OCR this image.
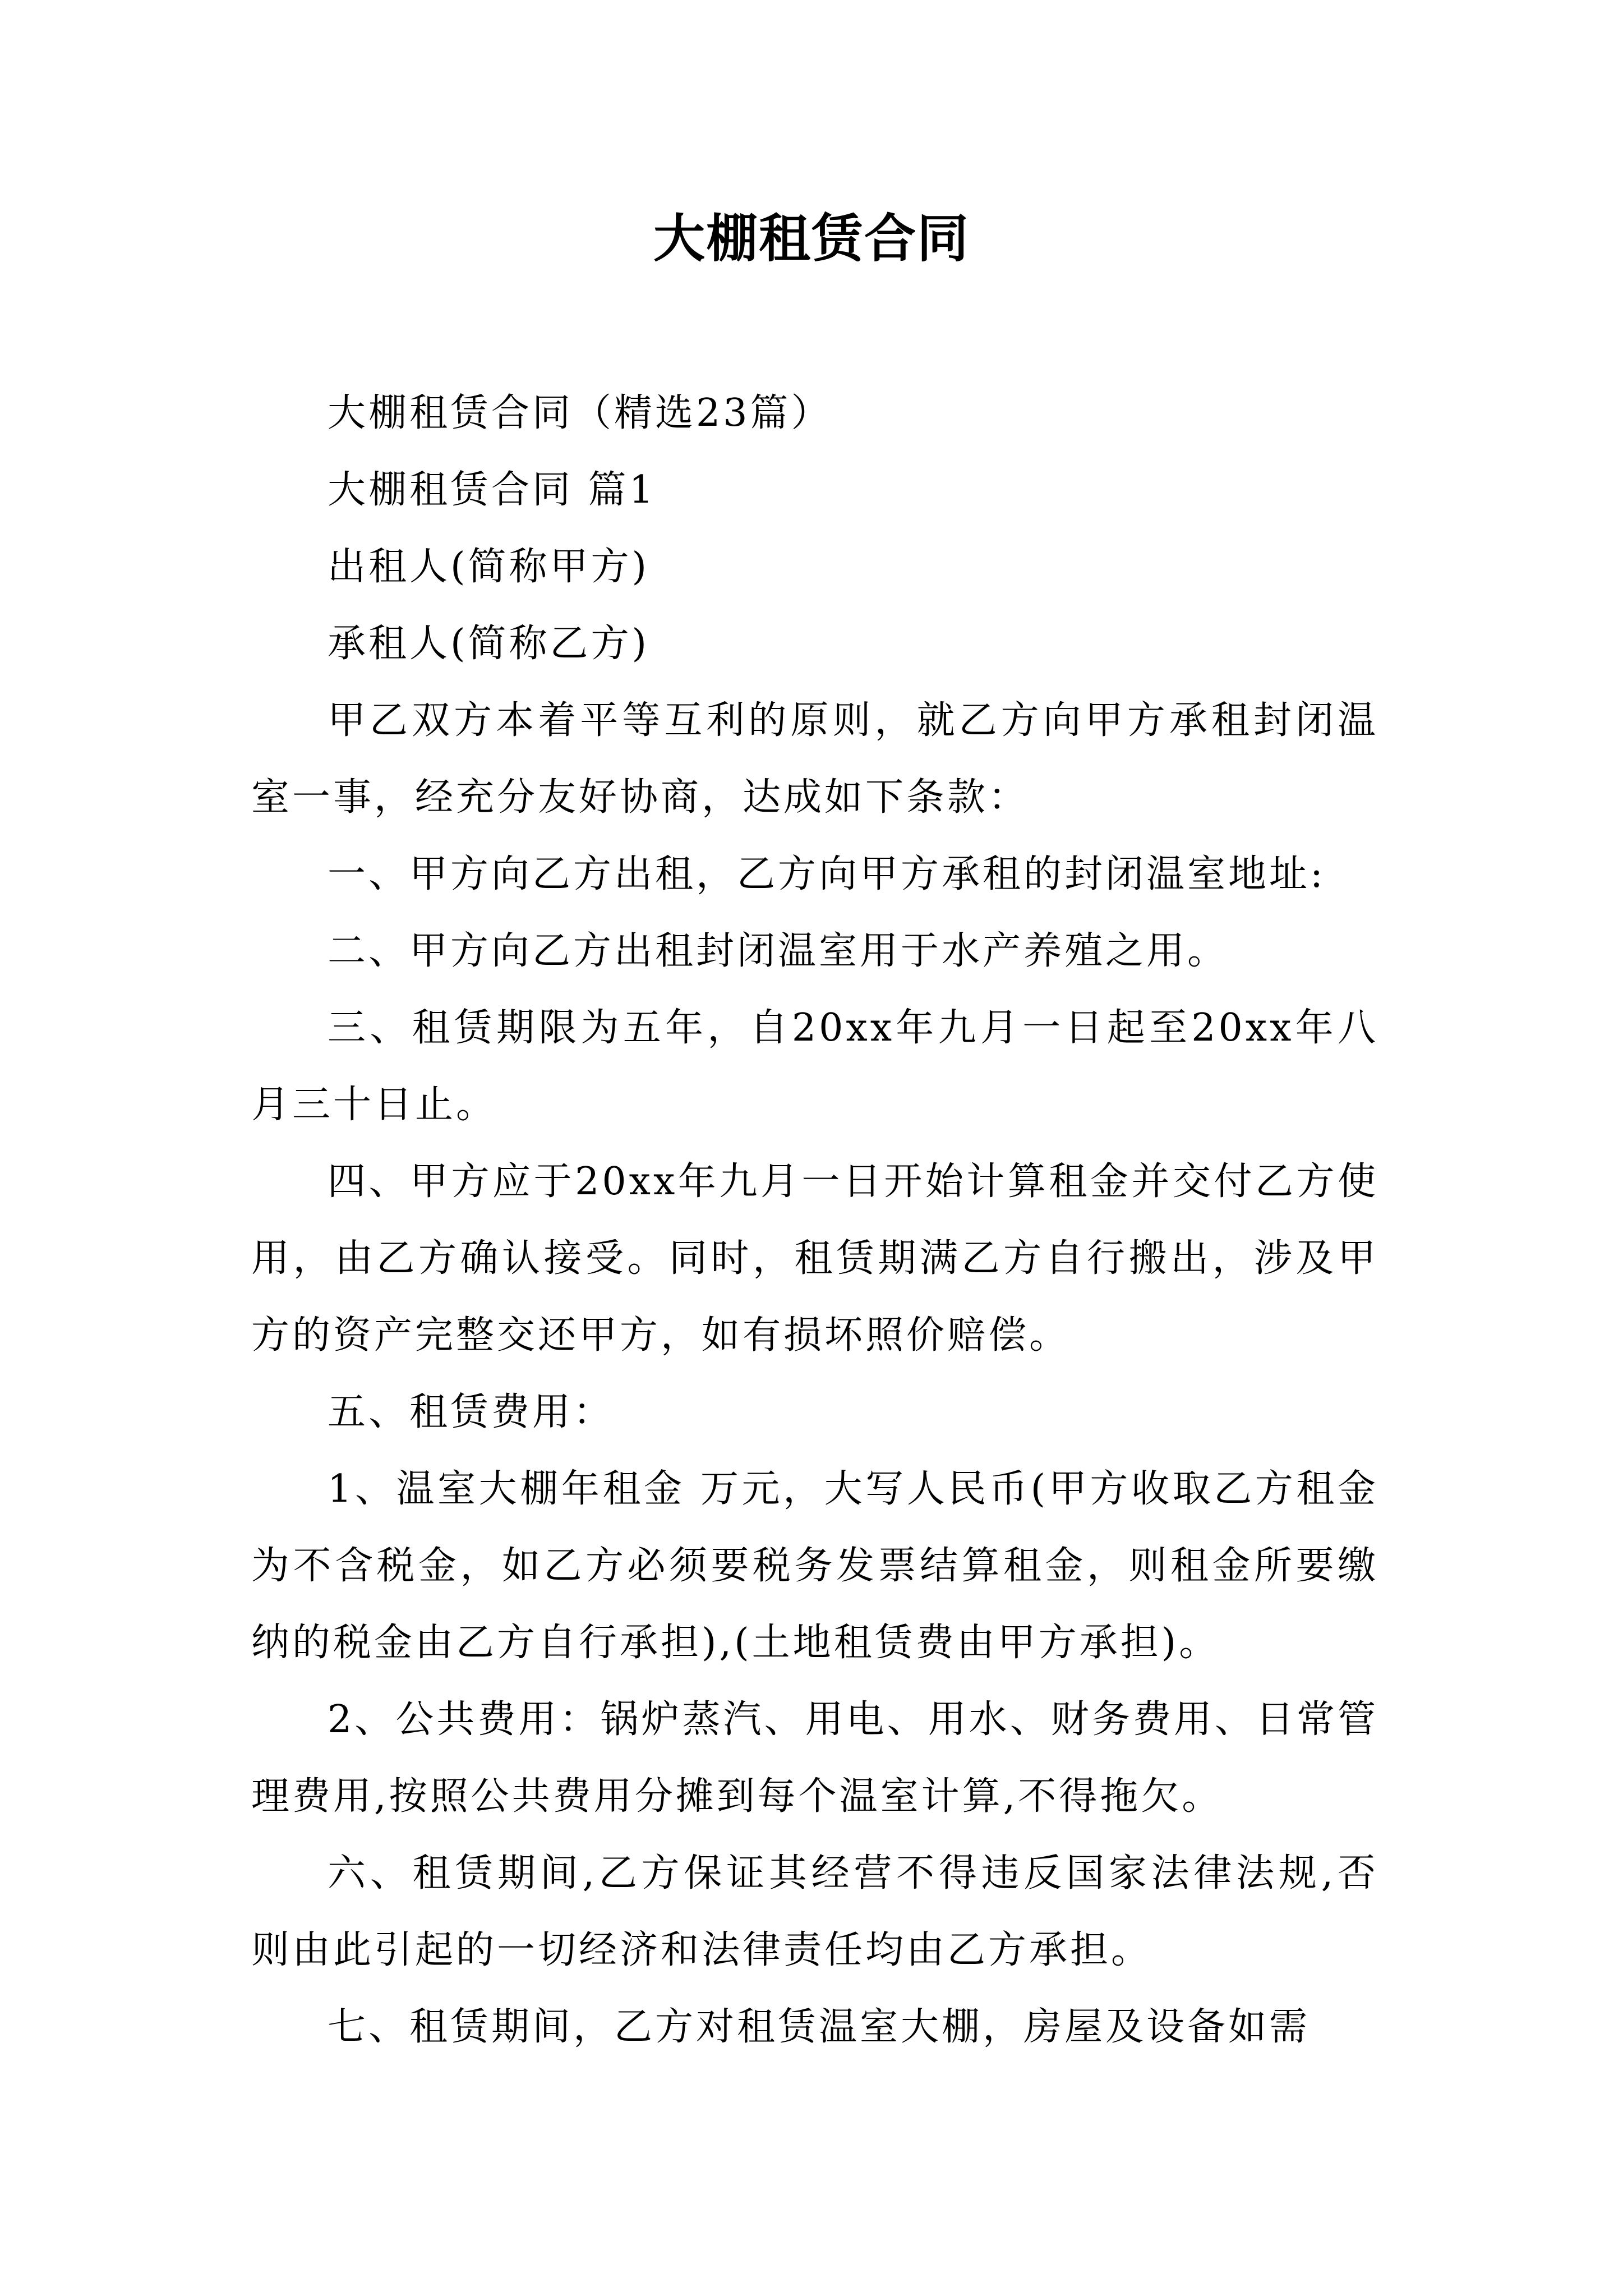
大棚租赁合同

大棚租赁合同（精选23篇）

大棚租赁合同 篇1

出租人(简称甲方)

承租人(简称乙方)

甲乙双方本着平等互利的原则，就乙方向甲方承租封闭温室一事，经充分友好协商，达成如下条款：

一、甲方向乙方出租，乙方向甲方承租的封闭温室地址:

二、甲方向乙方出租封闭温室用于水产养殖之用。

三、租赁期限为五年，自20xx年九月一日起至20xx年八月三十日止。

四、甲方应于20xx年九月一日开始计算租金并交付乙方使用，由乙方确认接受。同时，租赁期满乙方自行搬出，涉及甲方的资产完整交还甲方，如有损坏照价赔偿。

五、租赁费用：

1、温室大棚年租金 万元，大写人民币(甲方收取乙方租金为不含税金，如乙方必须要税务发票结算租金，则租金所要缴纳的税金由乙方自行承担),(土地租赁费由甲方承担)。

2、公共费用：锅炉蒸汽、用电、用水、财务费用、日常管理费用,按照公共费用分摊到每个温室计算,不得拖欠。

六、租赁期间,乙方保证其经营不得违反国家法律法规,否则由此引起的一切经济和法律责任均由乙方承担。

七、租赁期间，乙方对租赁温室大棚，房屋及设备如需
